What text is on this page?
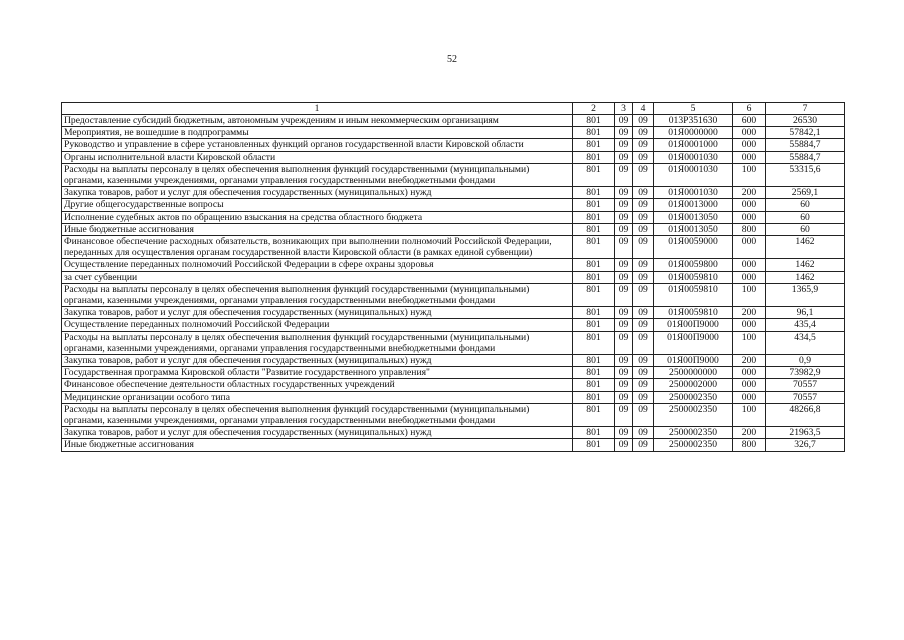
52
1	2	3	4	5	6	7
Предоставление субсидий бюджетным, автономным учреждениям и иным некоммерческим организациям	801	09	09	013Р351630	600	26530
Мероприятия, не вошедшие в подпрограммы	801	09	09	01Я0000000	000	57842,1
Руководство и управление в сфере установленных функций органов государственной власти Кировской области	801	09	09	01Я0001000	000	55884,7
Органы исполнительной власти Кировской области	801	09	09	01Я0001030	000	55884,7
Расходы на выплаты персоналу в целях обеспечения выполнения функций государственными (муниципальными) органами, казенными учреждениями, органами управления государственными внебюджетными фондами	801	09	09	01Я0001030	100	53315,6
Закупка товаров, работ и услуг для обеспечения государственных (муниципальных) нужд	801	09	09	01Я0001030	200	2569,1
Другие общегосударственные вопросы	801	09	09	01Я0013000	000	60
Исполнение судебных актов по обращению взыскания на средства областного бюджета	801	09	09	01Я0013050	000	60
Иные бюджетные ассигнования	801	09	09	01Я0013050	800	60
Финансовое обеспечение расходных обязательств, возникающих при выполнении полномочий Российской Федерации, переданных для осуществления органам государственной власти Кировской области (в рамках единой субвенции)	801	09	09	01Я0059000	000	1462
Осуществление переданных полномочий Российской Федерации в сфере охраны здоровья	801	09	09	01Я0059800	000	1462
за счет субвенции	801	09	09	01Я0059810	000	1462
Расходы на выплаты персоналу в целях обеспечения выполнения функций государственными (муниципальными) органами, казенными учреждениями, органами управления государственными внебюджетными фондами	801	09	09	01Я0059810	100	1365,9
Закупка товаров, работ и услуг для обеспечения государственных (муниципальных) нужд	801	09	09	01Я0059810	200	96,1
Осуществление переданных полномочий Российской Федерации	801	09	09	01Я00П9000	000	435,4
Расходы на выплаты персоналу в целях обеспечения выполнения функций государственными (муниципальными) органами, казенными учреждениями, органами управления государственными внебюджетными фондами	801	09	09	01Я00П9000	100	434,5
Закупка товаров, работ и услуг для обеспечения государственных (муниципальных) нужд	801	09	09	01Я00П9000	200	0,9
Государственная программа Кировской области "Развитие государственного управления"	801	09	09	2500000000	000	73982,9
Финансовое обеспечение деятельности областных государственных учреждений	801	09	09	2500002000	000	70557
Медицинские организации особого типа	801	09	09	2500002350	000	70557
Расходы на выплаты персоналу в целях обеспечения выполнения функций государственными (муниципальными) органами, казенными учреждениями, органами управления государственными внебюджетными фондами	801	09	09	2500002350	100	48266,8
Закупка товаров, работ и услуг для обеспечения государственных (муниципальных) нужд	801	09	09	2500002350	200	21963,5
Иные бюджетные ассигнования	801	09	09	2500002350	800	326,7
